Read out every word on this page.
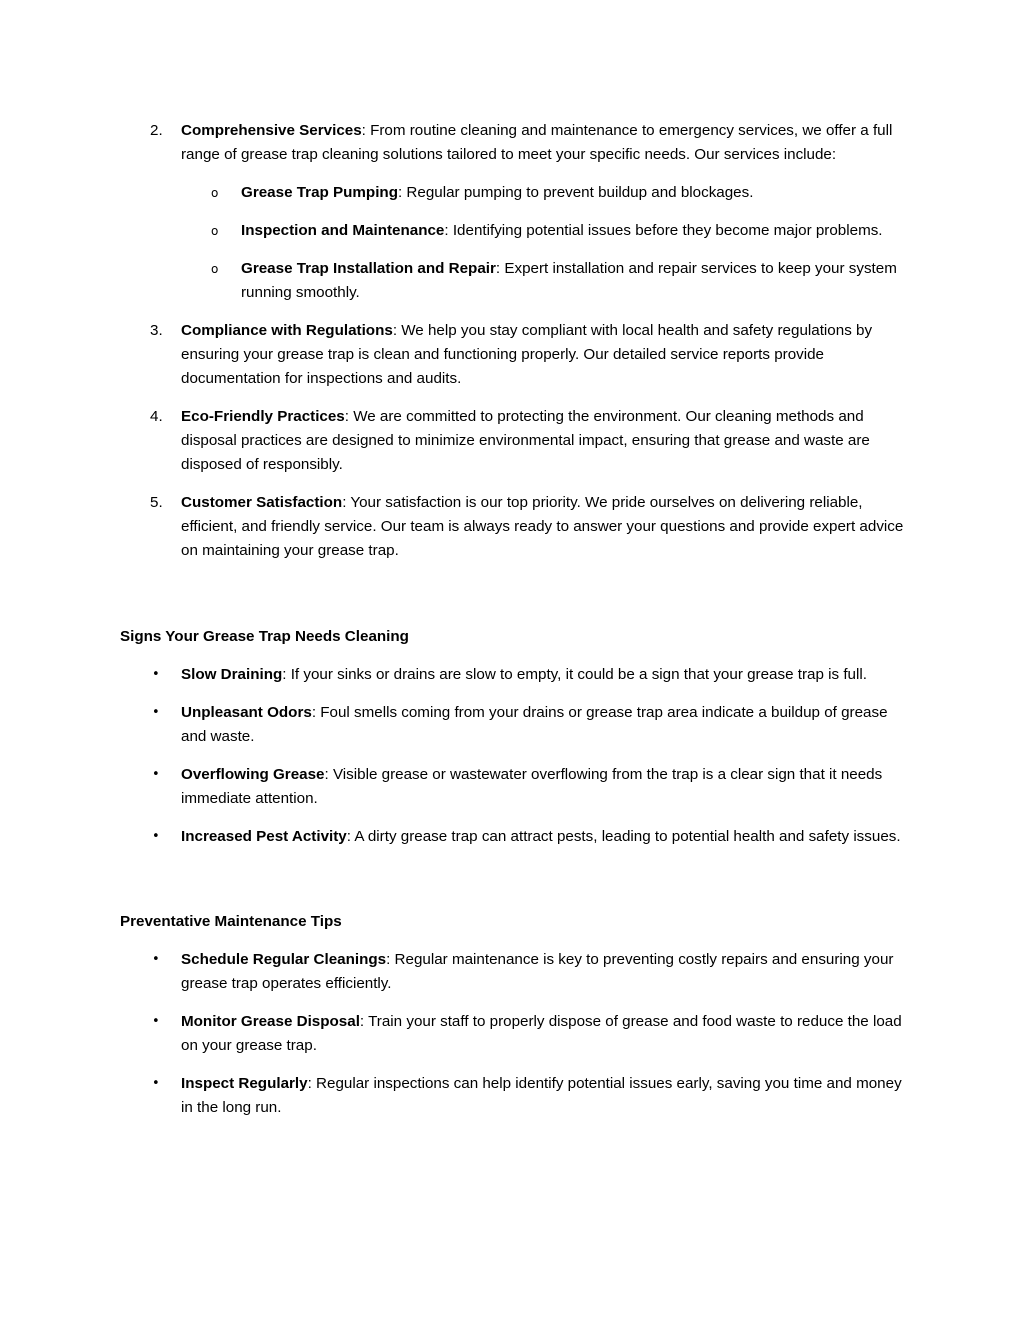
2. Comprehensive Services: From routine cleaning and maintenance to emergency services, we offer a full range of grease trap cleaning solutions tailored to meet your specific needs. Our services include:
o Grease Trap Pumping: Regular pumping to prevent buildup and blockages.
o Inspection and Maintenance: Identifying potential issues before they become major problems.
o Grease Trap Installation and Repair: Expert installation and repair services to keep your system running smoothly.
3. Compliance with Regulations: We help you stay compliant with local health and safety regulations by ensuring your grease trap is clean and functioning properly. Our detailed service reports provide documentation for inspections and audits.
4. Eco-Friendly Practices: We are committed to protecting the environment. Our cleaning methods and disposal practices are designed to minimize environmental impact, ensuring that grease and waste are disposed of responsibly.
5. Customer Satisfaction: Your satisfaction is our top priority. We pride ourselves on delivering reliable, efficient, and friendly service. Our team is always ready to answer your questions and provide expert advice on maintaining your grease trap.
Signs Your Grease Trap Needs Cleaning
• Slow Draining: If your sinks or drains are slow to empty, it could be a sign that your grease trap is full.
• Unpleasant Odors: Foul smells coming from your drains or grease trap area indicate a buildup of grease and waste.
• Overflowing Grease: Visible grease or wastewater overflowing from the trap is a clear sign that it needs immediate attention.
• Increased Pest Activity: A dirty grease trap can attract pests, leading to potential health and safety issues.
Preventative Maintenance Tips
• Schedule Regular Cleanings: Regular maintenance is key to preventing costly repairs and ensuring your grease trap operates efficiently.
• Monitor Grease Disposal: Train your staff to properly dispose of grease and food waste to reduce the load on your grease trap.
• Inspect Regularly: Regular inspections can help identify potential issues early, saving you time and money in the long run.
